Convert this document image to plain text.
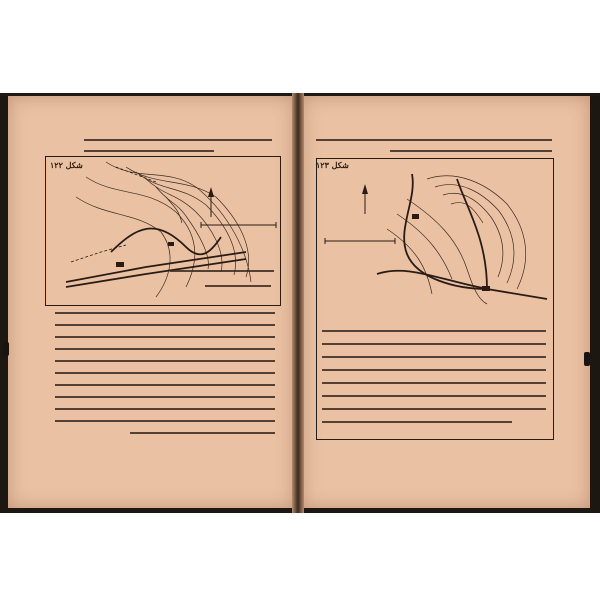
شکل ۱۲۲	شکل ۱۲۳
